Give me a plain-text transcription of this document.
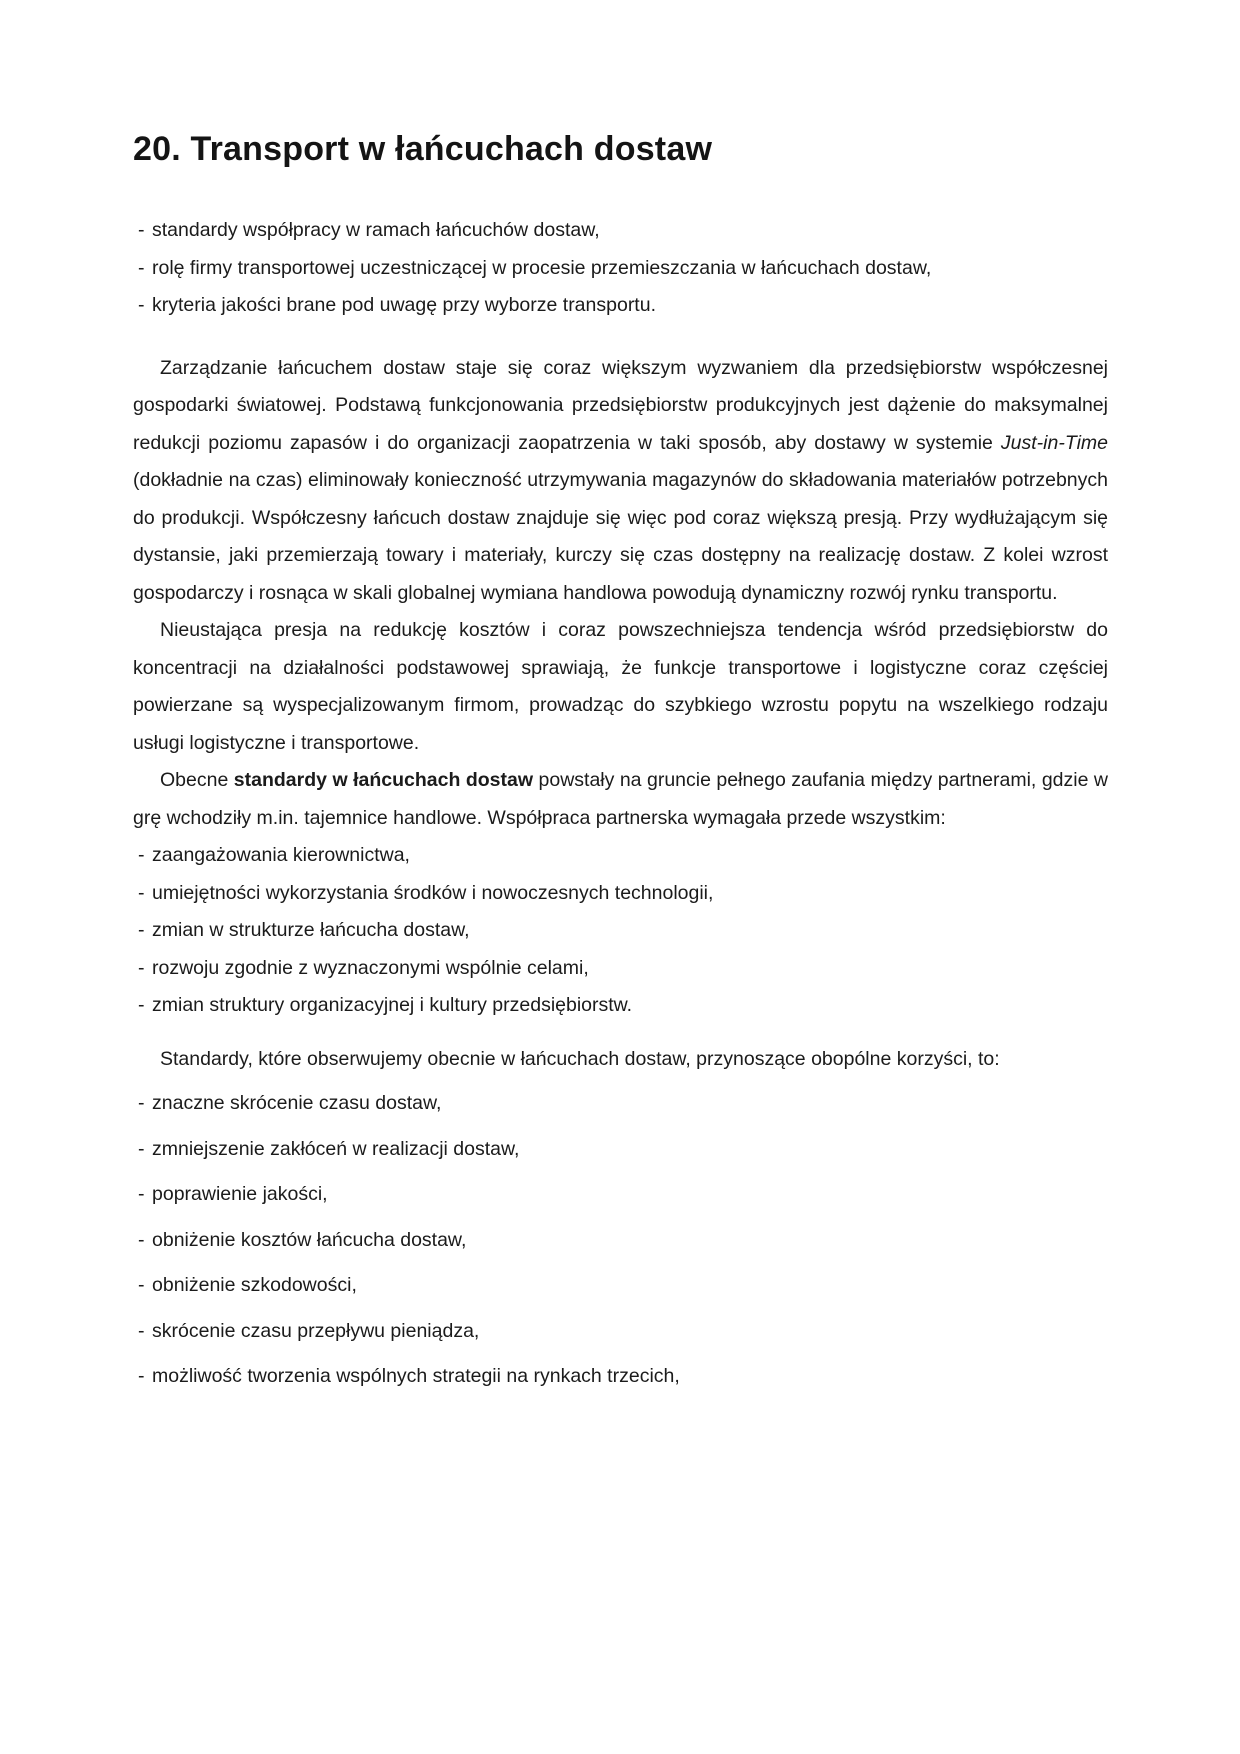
20. Transport w łańcuchach dostaw
- standardy współpracy w ramach łańcuchów dostaw,
- rolę firmy transportowej uczestniczącej w procesie przemieszczania w łańcuchach dostaw,
- kryteria jakości brane pod uwagę przy wyborze transportu.

Zarządzanie łańcuchem dostaw staje się coraz większym wyzwaniem dla przedsiębiorstw współczesnej gospodarki światowej. Podstawą funkcjonowania przedsiębiorstw produkcyjnych jest dążenie do maksymalnej redukcji poziomu zapasów i do organizacji zaopatrzenia w taki sposób, aby dostawy w systemie Just-in-Time (dokładnie na czas) eliminowały konieczność utrzymywania magazynów do składowania materiałów potrzebnych do produkcji. Współczesny łańcuch dostaw znajduje się więc pod coraz większą presją. Przy wydłużającym się dystansie, jaki przemierzają towary i materiały, kurczy się czas dostępny na realizację dostaw. Z kolei wzrost gospodarczy i rosnąca w skali globalnej wymiana handlowa powodują dynamiczny rozwój rynku transportu.

Nieustająca presja na redukcję kosztów i coraz powszechniejsza tendencja wśród przedsiębiorstw do koncentracji na działalności podstawowej sprawiają, że funkcje transportowe i logistyczne coraz częściej powierzane są wyspecjalizowanym firmom, prowadząc do szybkiego wzrostu popytu na wszelkiego rodzaju usługi logistyczne i transportowe.

Obecne standardy w łańcuchach dostaw powstały na gruncie pełnego zaufania między partnerami, gdzie w grę wchodziły m.in. tajemnice handlowe. Współpraca partnerska wymagała przede wszystkim:

- zaangażowania kierownictwa,
- umiejętności wykorzystania środków i nowoczesnych technologii,
- zmian w strukturze łańcucha dostaw,
- rozwoju zgodnie z wyznaczonymi wspólnie celami,
- zmian struktury organizacyjnej i kultury przedsiębiorstw.

Standardy, które obserwujemy obecnie w łańcuchach dostaw, przynoszące obopólne korzyści, to:

- znaczne skrócenie czasu dostaw,
- zmniejszenie zakłóceń w realizacji dostaw,
- poprawienie jakości,
- obniżenie kosztów łańcucha dostaw,
- obniżenie szkodowości,
- skrócenie czasu przepływu pieniądza,
- możliwość tworzenia wspólnych strategii na rynkach trzecich,
